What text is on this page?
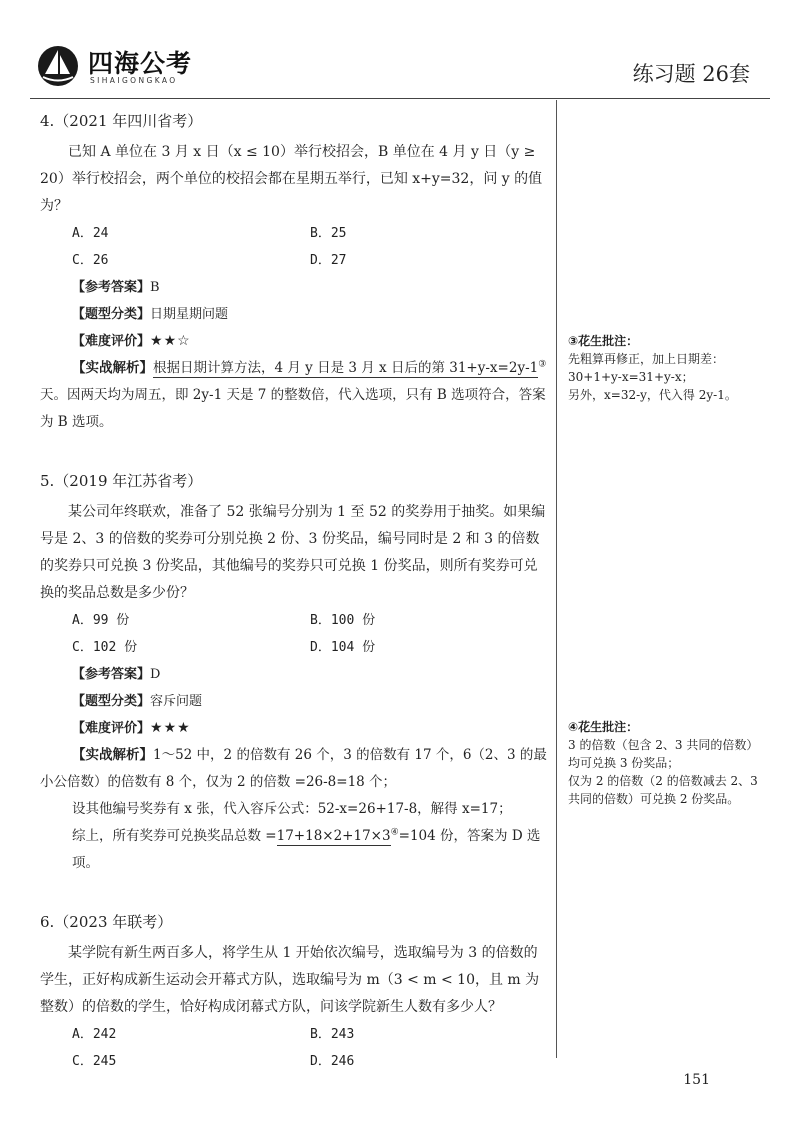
四海公考
SIHAIGONGKAO	练习题 26套

4.（2021 年四川省考）

已知 A 单位在 3 月 x 日（x ≤ 10）举行校招会，B 单位在 4 月 y 日（y ≥ 20）举行校招会，两个单位的校招会都在星期五举行，已知 x+y=32，问 y 的值为？

A．24	B．25
C．26	D．27

【参考答案】B

【题型分类】日期星期问题

【难度评价】★★☆

【实战解析】根据日期计算方法，4 月 y 日是 3 月 x 日后的第 31+y-x=2y-1③天。因两天均为周五，即 2y-1 天是 7 的整数倍，代入选项，只有 B 选项符合，答案为 B 选项。

5.（2019 年江苏省考）

某公司年终联欢，准备了 52 张编号分别为 1 至 52 的奖券用于抽奖。如果编号是 2、3 的倍数的奖券可分别兑换 2 份、3 份奖品，编号同时是 2 和 3 的倍数的奖券只可兑换 3 份奖品，其他编号的奖券只可兑换 1 份奖品，则所有奖券可兑换的奖品总数是多少份？

A．99 份	B．100 份
C．102 份	D．104 份

【参考答案】D

【题型分类】容斥问题

【难度评价】★★★

【实战解析】1～52 中，2 的倍数有 26 个，3 的倍数有 17 个，6（2、3 的最小公倍数）的倍数有 8 个，仅为 2 的倍数 =26-8=18 个；

设其他编号奖券有 x 张，代入容斥公式：52-x=26+17-8，解得 x=17；

综上，所有奖券可兑换奖品总数 =17+18×2+17×3④=104 份，答案为 D 选项。

6.（2023 年联考）

某学院有新生两百多人，将学生从 1 开始依次编号，选取编号为 3 的倍数的学生，正好构成新生运动会开幕式方队，选取编号为 m（3 < m < 10，且 m 为整数）的倍数的学生，恰好构成闭幕式方队，问该学院新生人数有多少人？

A．242	B．243
C．245	D．246

③花生批注：

先粗算再修正，加上日期差：

30+1+y-x=31+y-x；

另外，x=32-y，代入得 2y-1。

④花生批注：

3 的倍数（包含 2、3 共同的倍数）均可兑换 3 份奖品；

仅为 2 的倍数（2 的倍数减去 2、3 共同的倍数）可兑换 2 份奖品。

151
